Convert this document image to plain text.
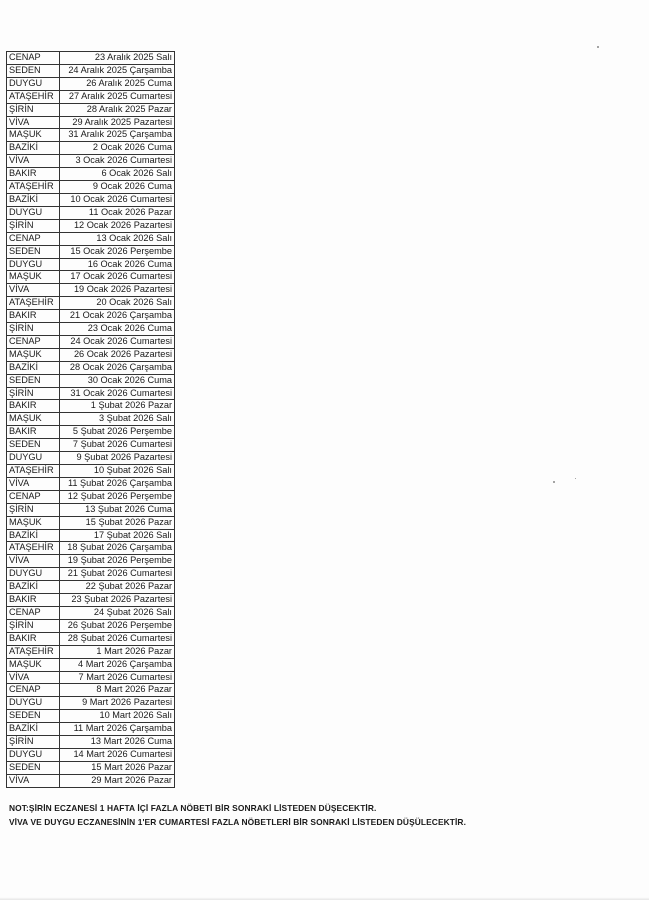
CENAP	23 Aralık 2025 Salı
SEDEN	24 Aralık 2025 Çarşamba
DUYGU	26 Aralık 2025 Cuma
ATAŞEHİR	27 Aralık 2025 Cumartesi
ŞİRİN	28 Aralık 2025 Pazar
VİVA	29 Aralık 2025 Pazartesi
MAŞUK	31 Aralık 2025 Çarşamba
BAZİKİ	2 Ocak 2026 Cuma
VİVA	3 Ocak 2026 Cumartesi
BAKIR	6 Ocak 2026 Salı
ATAŞEHİR	9 Ocak 2026 Cuma
BAZİKİ	10 Ocak 2026 Cumartesi
DUYGU	11 Ocak 2026 Pazar
ŞİRİN	12 Ocak 2026 Pazartesi
CENAP	13 Ocak 2026 Salı
SEDEN	15 Ocak 2026 Perşembe
DUYGU	16 Ocak 2026 Cuma
MAŞUK	17 Ocak 2026 Cumartesi
VİVA	19 Ocak 2026 Pazartesi
ATAŞEHİR	20 Ocak 2026 Salı
BAKIR	21 Ocak 2026 Çarşamba
ŞİRİN	23 Ocak 2026 Cuma
CENAP	24 Ocak 2026 Cumartesi
MAŞUK	26 Ocak 2026 Pazartesi
BAZİKİ	28 Ocak 2026 Çarşamba
SEDEN	30 Ocak 2026 Cuma
ŞİRİN	31 Ocak 2026 Cumartesi
BAKIR	1 Şubat 2026 Pazar
MAŞUK	3 Şubat 2026 Salı
BAKIR	5 Şubat 2026 Perşembe
SEDEN	7 Şubat 2026 Cumartesi
DUYGU	9 Şubat 2026 Pazartesi
ATAŞEHİR	10 Şubat 2026 Salı
VİVA	11 Şubat 2026 Çarşamba
CENAP	12 Şubat 2026 Perşembe
ŞİRİN	13 Şubat 2026 Cuma
MAŞUK	15 Şubat 2026 Pazar
BAZİKİ	17 Şubat 2026 Salı
ATAŞEHİR	18 Şubat 2026 Çarşamba
VİVA	19 Şubat 2026 Perşembe
DUYGU	21 Şubat 2026 Cumartesi
BAZİKİ	22 Şubat 2026 Pazar
BAKIR	23 Şubat 2026 Pazartesi
CENAP	24 Şubat 2026 Salı
ŞİRİN	26 Şubat 2026 Perşembe
BAKIR	28 Şubat 2026 Cumartesi
ATAŞEHİR	1 Mart 2026 Pazar
MAŞUK	4 Mart 2026 Çarşamba
VİVA	7 Mart 2026 Cumartesi
CENAP	8 Mart 2026 Pazar
DUYGU	9 Mart 2026 Pazartesi
SEDEN	10 Mart 2026 Salı
BAZİKİ	11 Mart 2026 Çarşamba
ŞİRİN	13 Mart 2026 Cuma
DUYGU	14 Mart 2026 Cumartesi
SEDEN	15 Mart 2026 Pazar
VİVA	29 Mart 2026 Pazar
NOT:ŞİRİN ECZANESİ 1 HAFTA İÇİ FAZLA NÖBETİ BİR SONRAKİ LİSTEDEN DÜŞECEKTİR.
VİVA VE DUYGU ECZANESİNİN 1'ER CUMARTESİ FAZLA NÖBETLERİ BİR SONRAKİ LİSTEDEN DÜŞÜLECEKTİR.
